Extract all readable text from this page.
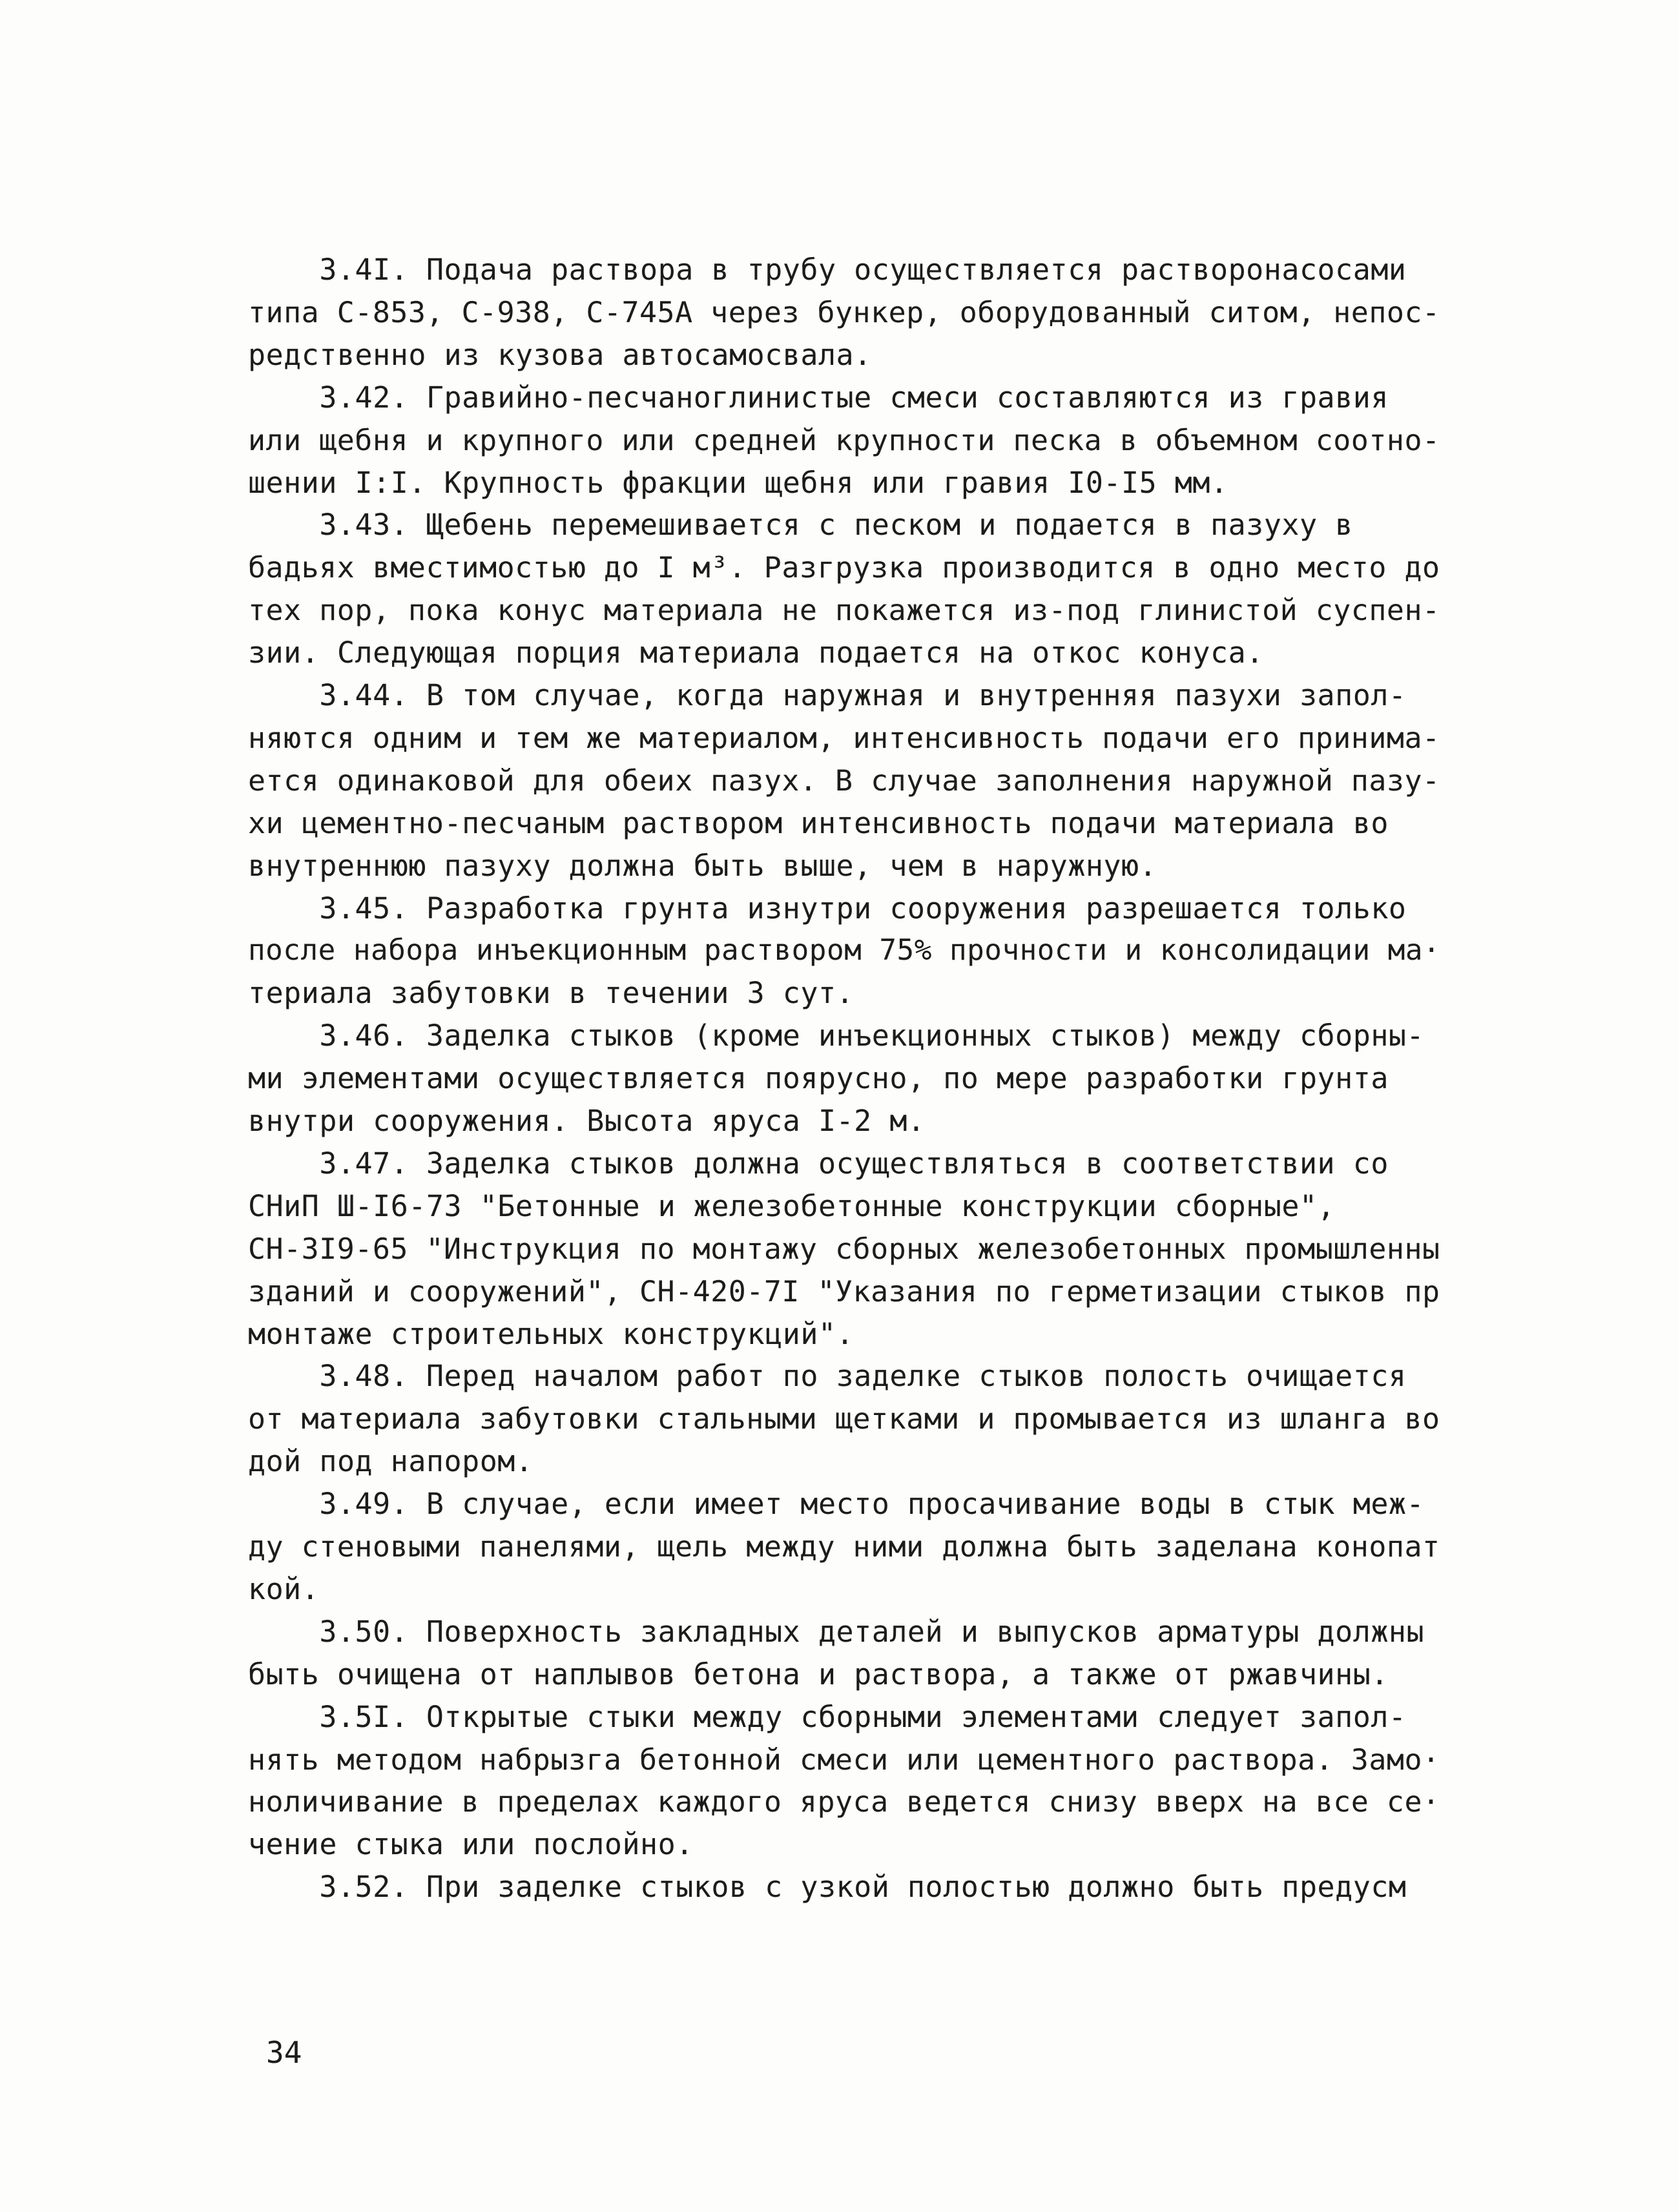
3.4I. Подача раствора в трубу осуществляется растворонасосами
типа С-853, С-938, С-745А через бункер, оборудованный ситом, непос-
редственно из кузова автосамосвала.
3.42. Гравийно-песчаноглинистые смеси составляются из гравия
или щебня и крупного или средней крупности песка в объемном соотно-
шении I:I. Крупность фракции щебня или гравия I0-I5 мм.
3.43. Щебень перемешивается с песком и подается в пазуху в
бадьях вместимостью до I м³. Разгрузка производится в одно место до
тех пор, пока конус материала не покажется из-под глинистой суспен-
зии. Следующая порция материала подается на откос конуса.
3.44. В том случае, когда наружная и внутренняя пазухи запол-
няются одним и тем же материалом, интенсивность подачи его принима-
ется одинаковой для обеих пазух. В случае заполнения наружной пазу-
хи цементно-песчаным раствором интенсивность подачи материала во
внутреннюю пазуху должна быть выше, чем в наружную.
3.45. Разработка грунта изнутри сооружения разрешается только
после набора инъекционным раствором 75% прочности и консолидации ма·
териала забутовки в течении 3 сут.
3.46. Заделка стыков (кроме инъекционных стыков) между сборны-
ми элементами осуществляется поярусно, по мере разработки грунта
внутри сооружения. Высота яруса I-2 м.
3.47. Заделка стыков должна осуществляться в соответствии со
СНиП Ш-I6-73 "Бетонные и железобетонные конструкции сборные",
СН-3I9-65 "Инструкция по монтажу сборных железобетонных промышленны
зданий и сооружений", СН-420-7I "Указания по герметизации стыков пр
монтаже строительных конструкций".
3.48. Перед началом работ по заделке стыков полость очищается
от материала забутовки стальными щетками и промывается из шланга во
дой под напором.
3.49. В случае, если имеет место просачивание воды в стык меж-
ду стеновыми панелями, щель между ними должна быть заделана конопат
кой.
3.50. Поверхность закладных деталей и выпусков арматуры должны
быть очищена от наплывов бетона и раствора, а также от ржавчины.
3.5I. Открытые стыки между сборными элементами следует запол-
нять методом набрызга бетонной смеси или цементного раствора. Замо·
ноличивание в пределах каждого яруса ведется снизу вверх на все се·
чение стыка или послойно.
3.52. При заделке стыков с узкой полостью должно быть предусм
34
